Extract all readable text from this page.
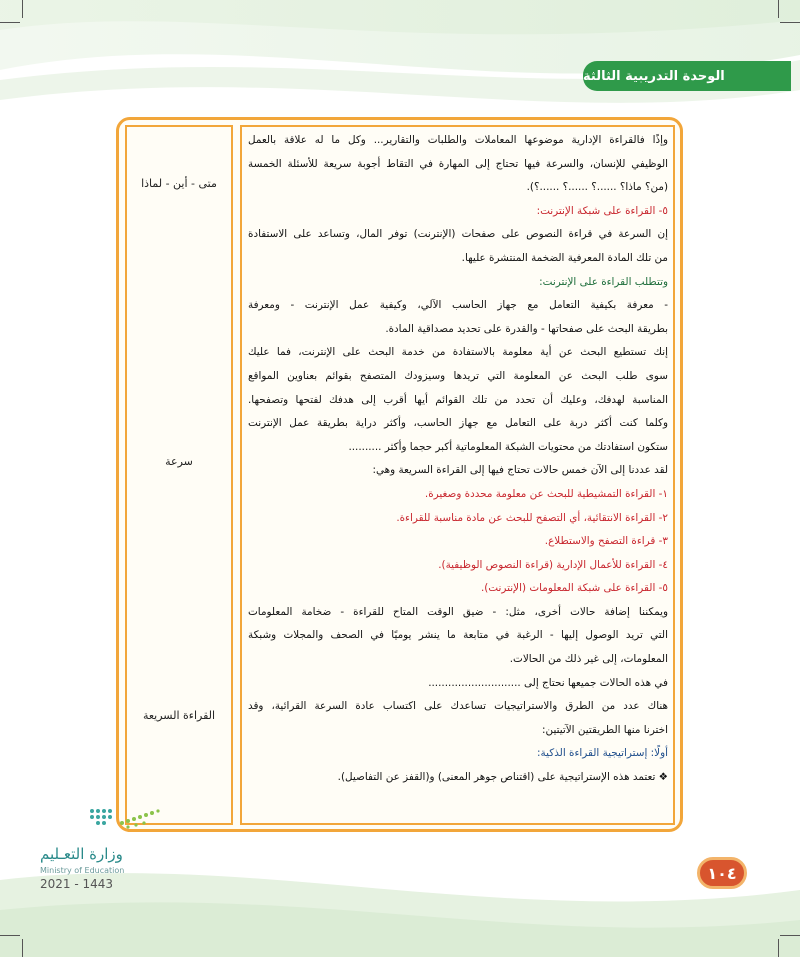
الوحدة التدريبية الثالثة
متى - أين - لماذا
سرعة
القراءة السريعة
وإذًا فالقراءة الإدارية موضوعها المعاملات والطلبات والتقارير... وكل ما له علاقة بالعمل
الوظيفي للإنسان، والسرعة فيها تحتاج إلى المهارة في التقاط أجوبة سريعة للأسئلة الخمسة
(من؟ ماذا؟ ......؟ ......؟ ......؟).
٥- القراءة على شبكة الإنترنت:
إن السرعة في قراءة النصوص على صفحات (الإنترنت) توفر المال، وتساعد على الاستفادة
من تلك المادة المعرفية الضخمة المنتشرة عليها.
وتتطلب القراءة على الإنترنت:
- معرفة بكيفية التعامل مع جهاز الحاسب الآلي، وكيفية عمل الإنترنت - ومعرفة
بطريقة البحث على صفحاتها - والقدرة على تحديد مصداقية المادة.
إنك تستطيع البحث عن أية معلومة بالاستفادة من خدمة البحث على الإنترنت، فما عليك
سوى طلب البحث عن المعلومة التي تريدها وسيزودك المتصفح بقوائم بعناوين المواقع
المناسبة لهدفك، وعليك أن تحدد من تلك القوائم أيها أقرب إلى هدفك لفتحها وتصفحها.
وكلما كنت أكثر دربة على التعامل مع جهاز الحاسب، وأكثر دراية بطريقة عمل الإنترنت
ستكون استفادتك من محتويات الشبكة المعلوماتية أكبر حجما وأكثر ..........
لقد عددنا إلى الآن خمس حالات تحتاج فيها إلى القراءة السريعة وهي:
١- القراءة التمشيطية للبحث عن معلومة محددة وصغيرة.
٢- القراءة الانتقائية، أي التصفح للبحث عن مادة مناسبة للقراءة.
٣- قراءة التصفح والاستطلاع.
٤- القراءة للأعمال الإدارية (قراءة النصوص الوظيفية).
٥- القراءة على شبكة المعلومات (الإنترنت).
ويمكننا إضافة حالات أخرى، مثل: - ضيق الوقت المتاح للقراءة - ضخامة المعلومات
التي تريد الوصول إليها - الرغبة في متابعة ما ينشر يوميًا في الصحف والمجلات وشبكة
المعلومات، إلى غير ذلك من الحالات.
في هذه الحالات جميعها نحتاج إلى ............................
هناك عدد من الطرق والاستراتيجيات تساعدك على اكتساب عادة السرعة القرائية، وقد
اخترنا منها الطريقتين الآتيتين:
أولًا: إستراتيجية القراءة الذكية:
❖ تعتمد هذه الإستراتيجية على (اقتناص جوهر المعنى) و(القفز عن التفاصيل).
وزارة التعـليم
Ministry of Education
2021 - 1443
١٠٤
